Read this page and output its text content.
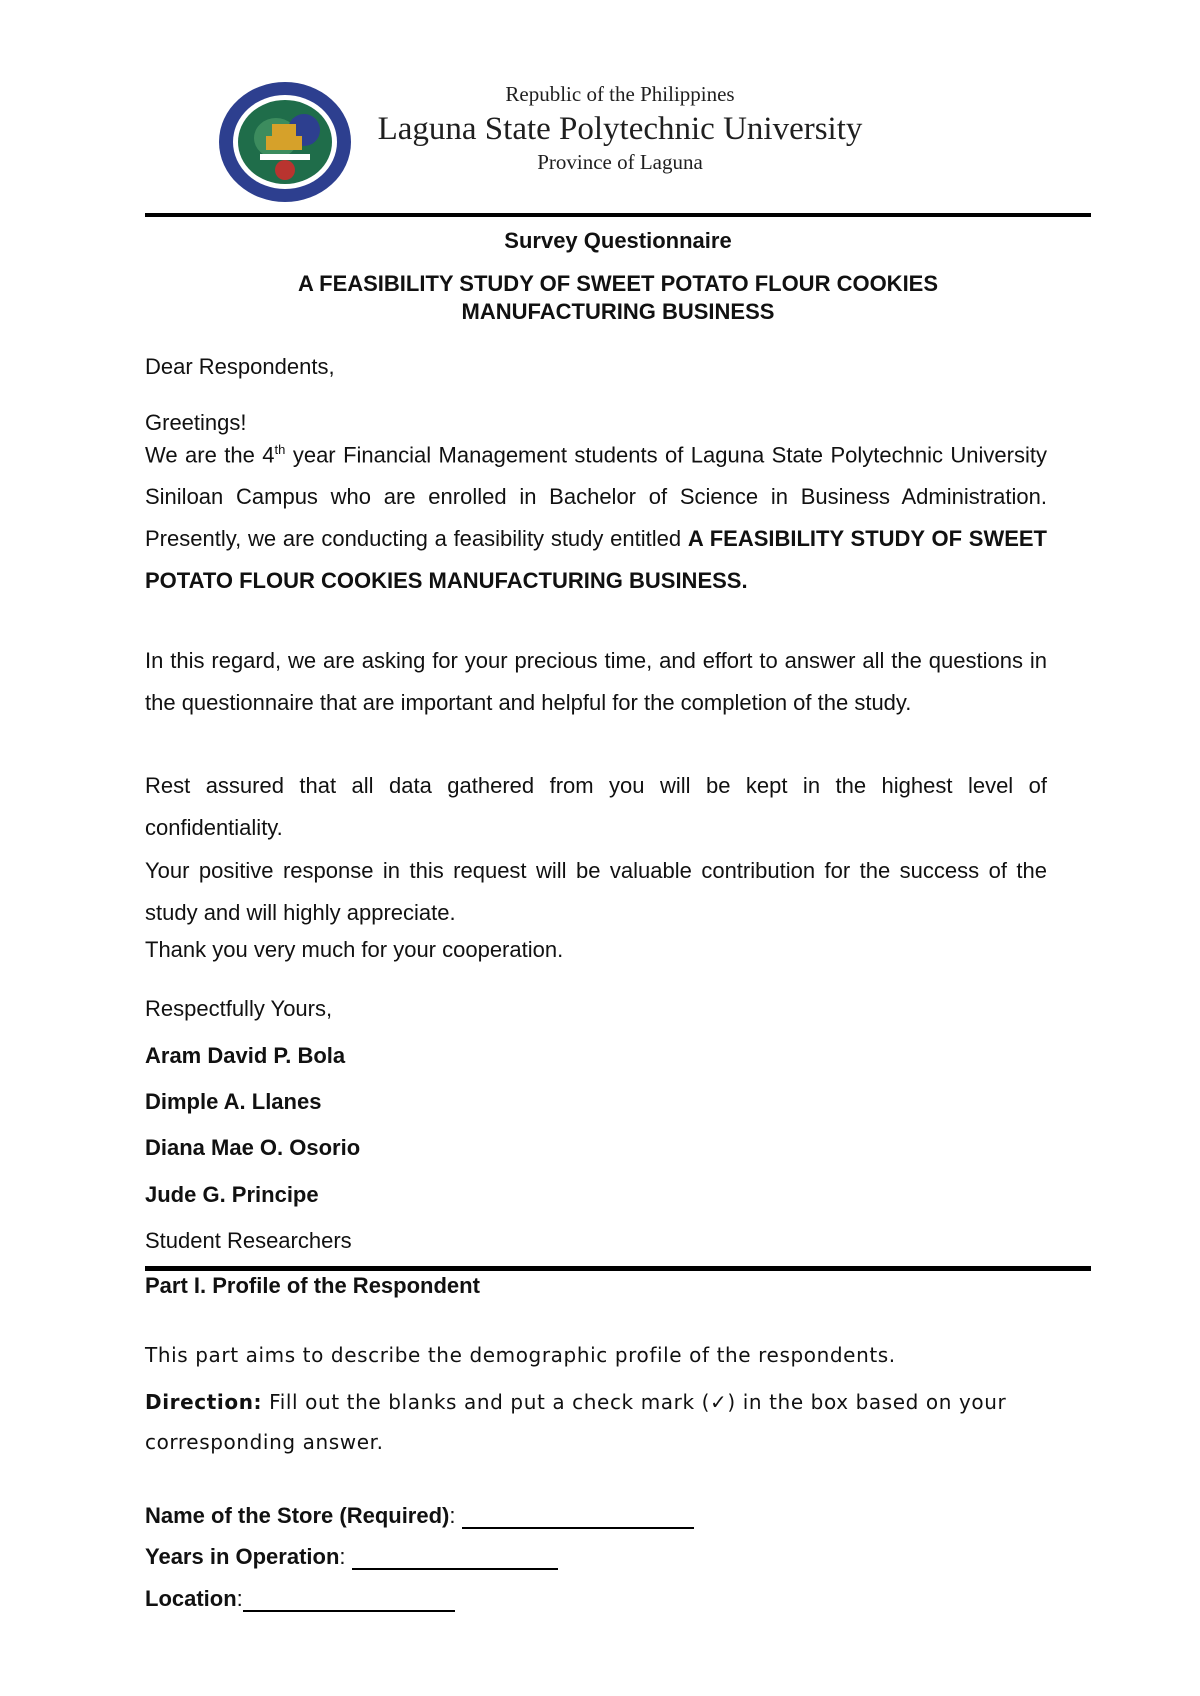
Republic of the Philippines
Laguna State Polytechnic University
Province of Laguna
Survey Questionnaire
A FEASIBILITY STUDY OF SWEET POTATO FLOUR COOKIES
MANUFACTURING BUSINESS
Dear Respondents,
Greetings!
We are the 4th year Financial Management students of Laguna State Polytechnic University Siniloan Campus who are enrolled in Bachelor of Science in Business Administration. Presently, we are conducting a feasibility study entitled A FEASIBILITY STUDY OF SWEET POTATO FLOUR COOKIES MANUFACTURING BUSINESS.
In this regard, we are asking for your precious time, and effort to answer all the questions in the questionnaire that are important and helpful for the completion of the study.
Rest assured that all data gathered from you will be kept in the highest level of confidentiality.
Your positive response in this request will be valuable contribution for the success of the study and will highly appreciate.
Thank you very much for your cooperation.
Respectfully Yours,
Aram David P. Bola
Dimple A. Llanes
Diana Mae O. Osorio
Jude G. Principe
Student Researchers
Part I. Profile of the Respondent
This part aims to describe the demographic profile of the respondents.
Direction: Fill out the blanks and put a check mark (✓) in the box based on your corresponding answer.
Name of the Store (Required):
Years in Operation:
Location:
